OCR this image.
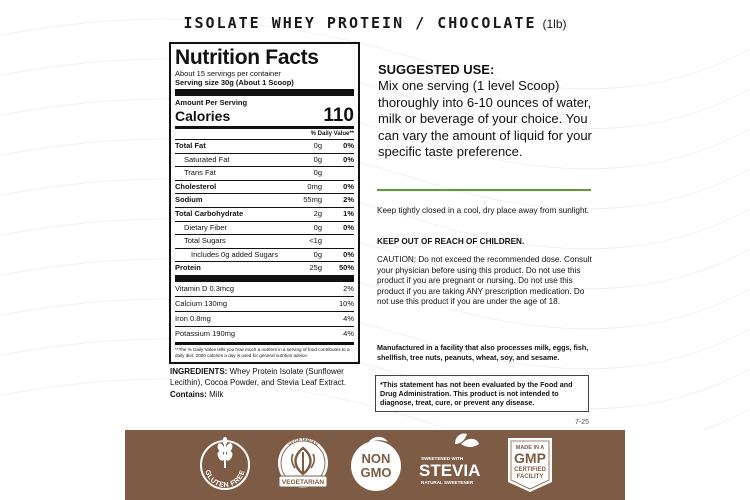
ISOLATE WHEY PROTEIN / CHOCOLATE (1lb)
Nutrition Facts
About 15 servings per container
Serving size 30g (About 1 Scoop)
Amount Per Serving
Calories	110
% Daily Value**
Total Fat	0g	0%
Saturated Fat	0g	0%
Trans Fat	0g
Cholesterol	0mg	0%
Sodium	55mg	2%
Total Carbohydrate	2g	1%
Dietary Fiber	0g	0%
Total Sugars	<1g
Includes 0g added Sugars	0g	0%
Protein	25g	50%
Vitamin D 0.3mcg	2%
Calcium 130mg	10%
Iron 0.8mg	4%
Potassium 190mg	4%
**The % Daily Value tells you how much a nutrient in a serving of food contributes to a daily diet. 2000 calories a day is used for general nutrition advice.
INGREDIENTS: Whey Protein Isolate (Sunflower Lecithin), Cocoa Powder, and Stevia Leaf Extract.
Contains: Milk
SUGGESTED USE:
Mix one serving (1 level Scoop) thoroughly into 6-10 ounces of water, milk or beverage of your choice. You can vary the amount of liquid for your specific taste preference.
Keep tightly closed in a cool, dry place away from sunlight.
KEEP OUT OF REACH OF CHILDREN.
CAUTION: Do not exceed the recommended dose. Consult your physician before using this product. Do not use this product if you are pregnant or nursing. Do not use this product if you are taking ANY prescription medication. Do not use this product if you are under the age of 18.
Manufactured in a facility that also processes milk, eggs, fish, shellfish, tree nuts, peanuts, wheat, soy, and sesame.
*This statement has not been evaluated by the Food and Drug Administration. This product is not intended to diagnose, treat, cure, or prevent any disease.
7-25
GLUTEN FREE
VEGETARIAN
VEGETARIAN
NON
GMO
SWEETENED WITH
STEVIA
NATURAL SWEETENER
MADE IN A
GMP
CERTIFIED
FACILITY
